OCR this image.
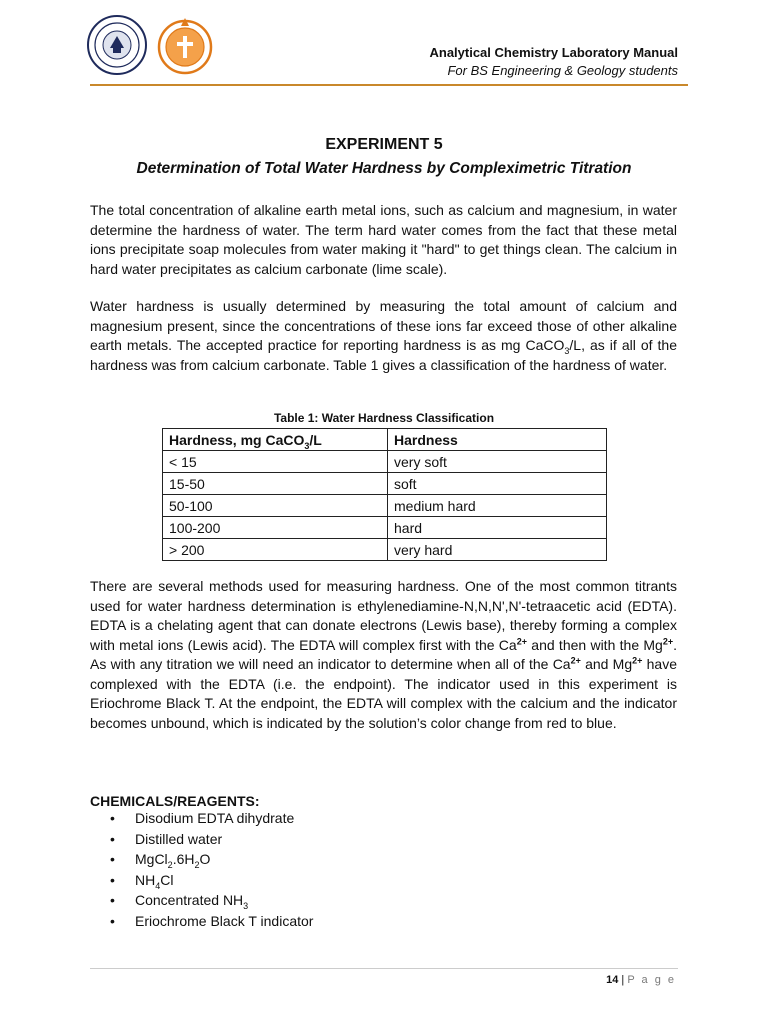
Analytical Chemistry Laboratory Manual
For BS Engineering & Geology students
EXPERIMENT 5
Determination of Total Water Hardness by Compleximetric Titration

The total concentration of alkaline earth metal ions, such as calcium and magnesium, in water determine the hardness of water. The term hard water comes from the fact that these metal ions precipitate soap molecules from water making it "hard" to get things clean. The calcium in hard water precipitates as calcium carbonate (lime scale).

Water hardness is usually determined by measuring the total amount of calcium and magnesium present, since the concentrations of these ions far exceed those of other alkaline earth metals. The accepted practice for reporting hardness is as mg CaCO$_3$/L, as if all of the hardness was from calcium carbonate. Table 1 gives a classification of the hardness of water.

Table 1: Water Hardness Classification
Hardness, mg CaCO$_3$/L	Hardness
< 15	very soft
15-50	soft
50-100	medium hard
100-200	hard
> 200	very hard

There are several methods used for measuring hardness. One of the most common titrants used for water hardness determination is ethylenediamine-N,N,N',N'-tetraacetic acid (EDTA). EDTA is a chelating agent that can donate electrons (Lewis base), thereby forming a complex with metal ions (Lewis acid). The EDTA will complex first with the $Ca^{2+}$ and then with the $Mg^{2+}$. As with any titration we will need an indicator to determine when all of the $Ca^{2+}$ and $Mg^{2+}$ have complexed with the EDTA (i.e. the endpoint). The indicator used in this experiment is Eriochrome Black T. At the endpoint, the EDTA will complex with the calcium and the indicator becomes unbound, which is indicated by the solution’s color change from red to blue.

CHEMICALS/REAGENTS:
•	Disodium EDTA dihydrate
•	Distilled water
•	$MgCl_2.6H_2O$
•	$NH_4Cl$
•	Concentrated $NH_3$
•	Eriochrome Black T indicator
14 | P a g e
